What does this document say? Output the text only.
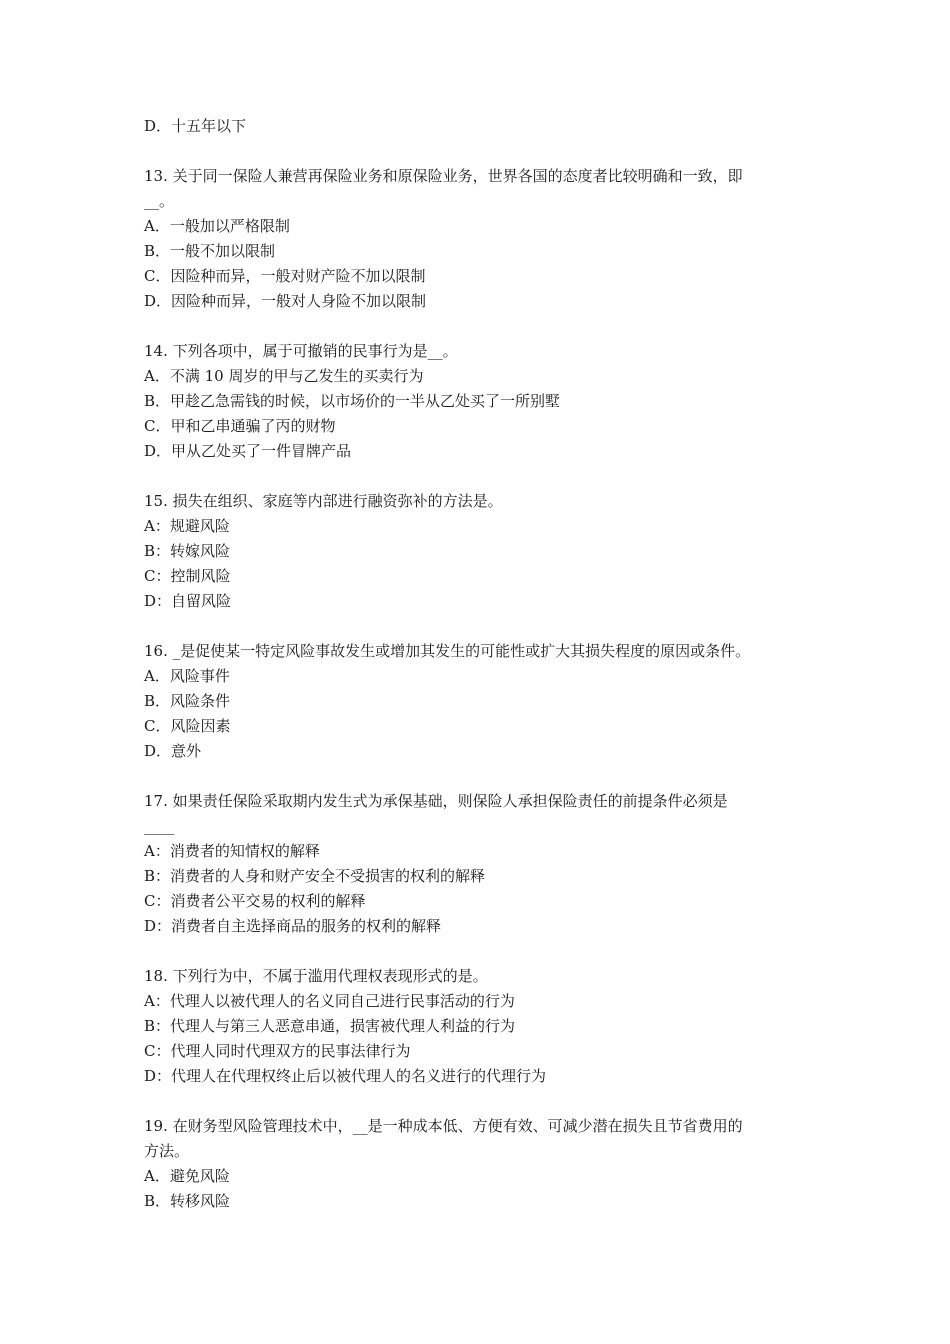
D．十五年以下
13. 关于同一保险人兼营再保险业务和原保险业务，世界各国的态度者比较明确和一致，即
__。
A．一般加以严格限制
B．一般不加以限制
C．因险种而异，一般对财产险不加以限制
D．因险种而异，一般对人身险不加以限制
14. 下列各项中，属于可撤销的民事行为是__。
A．不满 10 周岁的甲与乙发生的买卖行为
B．甲趁乙急需钱的时候，以市场价的一半从乙处买了一所别墅
C．甲和乙串通骗了丙的财物
D．甲从乙处买了一件冒牌产品
15. 损失在组织、家庭等内部进行融资弥补的方法是。
A：规避风险
B：转嫁风险
C：控制风险
D：自留风险
16. _是促使某一特定风险事故发生或增加其发生的可能性或扩大其损失程度的原因或条件。
A．风险事件
B．风险条件
C．风险因素
D．意外
17. 如果责任保险采取期内发生式为承保基础，则保险人承担保险责任的前提条件必须是
____
A：消费者的知情权的解释
B：消费者的人身和财产安全不受损害的权利的解释
C：消费者公平交易的权利的解释
D：消费者自主选择商品的服务的权利的解释
18. 下列行为中，不属于滥用代理权表现形式的是。
A：代理人以被代理人的名义同自己进行民事活动的行为
B：代理人与第三人恶意串通，损害被代理人利益的行为
C：代理人同时代理双方的民事法律行为
D：代理人在代理权终止后以被代理人的名义进行的代理行为
19. 在财务型风险管理技术中，__是一种成本低、方便有效、可减少潜在损失且节省费用的
方法。
A．避免风险
B．转移风险
